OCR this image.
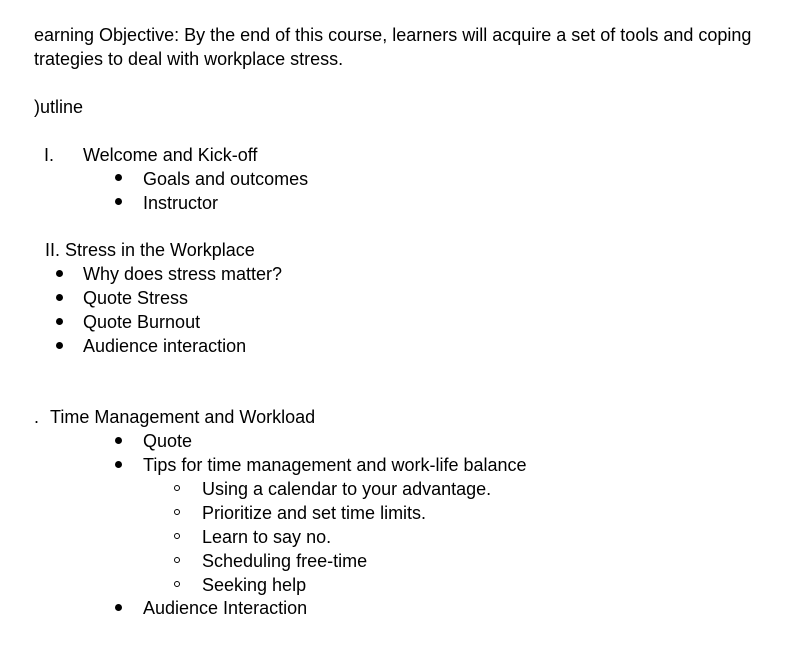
earning Objective: By the end of this course, learners will acquire a set of tools and coping
trategies to deal with workplace stress.
)utline
I. Welcome and Kick-off
Goals and outcomes
Instructor
II. Stress in the Workplace
Why does stress matter?
Quote Stress
Quote Burnout
Audience interaction
. Time Management and Workload
Quote
Tips for time management and work-life balance
Using a calendar to your advantage.
Prioritize and set time limits.
Learn to say no.
Scheduling free-time
Seeking help
Audience Interaction
